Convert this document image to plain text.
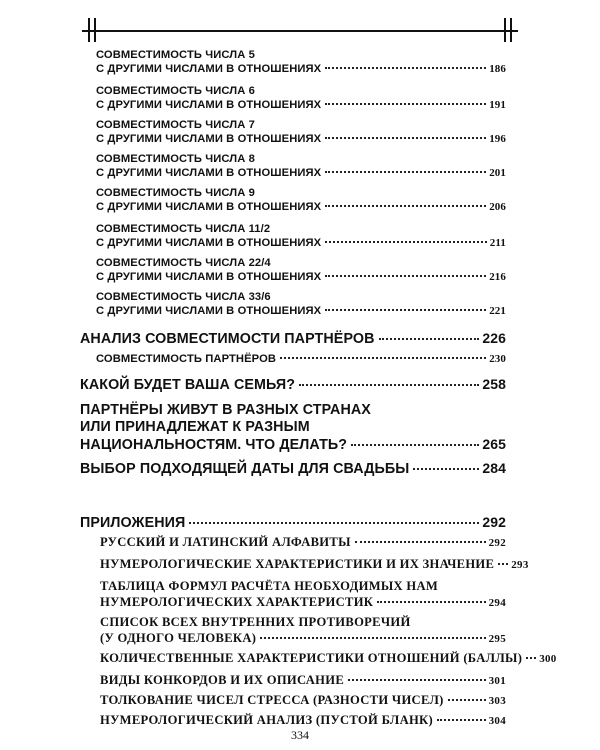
СОВМЕСТИМОСТЬ ЧИСЛА 5
С ДРУГИМИ ЧИСЛАМИ В ОТНОШЕНИЯХ	186
СОВМЕСТИМОСТЬ ЧИСЛА 6
С ДРУГИМИ ЧИСЛАМИ В ОТНОШЕНИЯХ	191
СОВМЕСТИМОСТЬ ЧИСЛА 7
С ДРУГИМИ ЧИСЛАМИ В ОТНОШЕНИЯХ	196
СОВМЕСТИМОСТЬ ЧИСЛА 8
С ДРУГИМИ ЧИСЛАМИ В ОТНОШЕНИЯХ	201
СОВМЕСТИМОСТЬ ЧИСЛА 9
С ДРУГИМИ ЧИСЛАМИ В ОТНОШЕНИЯХ	206
СОВМЕСТИМОСТЬ ЧИСЛА 11/2
С ДРУГИМИ ЧИСЛАМИ В ОТНОШЕНИЯХ	211
СОВМЕСТИМОСТЬ ЧИСЛА 22/4
С ДРУГИМИ ЧИСЛАМИ В ОТНОШЕНИЯХ	216
СОВМЕСТИМОСТЬ ЧИСЛА 33/6
С ДРУГИМИ ЧИСЛАМИ В ОТНОШЕНИЯХ	221
АНАЛИЗ СОВМЕСТИМОСТИ ПАРТНЁРОВ	226
СОВМЕСТИМОСТЬ ПАРТНЁРОВ	230
КАКОЙ БУДЕТ ВАША СЕМЬЯ?	258
ПАРТНЁРЫ ЖИВУТ В РАЗНЫХ СТРАНАХ
ИЛИ ПРИНАДЛЕЖАТ К РАЗНЫМ
НАЦИОНАЛЬНОСТЯМ. ЧТО ДЕЛАТЬ?	265
ВЫБОР ПОДХОДЯЩЕЙ ДАТЫ ДЛЯ СВАДЬБЫ	284
ПРИЛОЖЕНИЯ	292
РУССКИЙ И ЛАТИНСКИЙ АЛФАВИТЫ	292
НУМЕРОЛОГИЧЕСКИЕ ХАРАКТЕРИСТИКИ И ИХ ЗНАЧЕНИЕ 293
ТАБЛИЦА ФОРМУЛ РАСЧЁТА НЕОБХОДИМЫХ НАМ
НУМЕРОЛОГИЧЕСКИХ ХАРАКТЕРИСТИК	294
СПИСОК ВСЕХ ВНУТРЕННИХ ПРОТИВОРЕЧИЙ
(У ОДНОГО ЧЕЛОВЕКА)	295
КОЛИЧЕСТВЕННЫЕ ХАРАКТЕРИСТИКИ ОТНОШЕНИЙ (БАЛЛЫ) 300
ВИДЫ КОНКОРДОВ И ИХ ОПИСАНИЕ	301
ТОЛКОВАНИЕ ЧИСЕЛ СТРЕССА (РАЗНОСТИ ЧИСЕЛ)	303
НУМЕРОЛОГИЧЕСКИЙ АНАЛИЗ (ПУСТОЙ БЛАНК)	304
334
